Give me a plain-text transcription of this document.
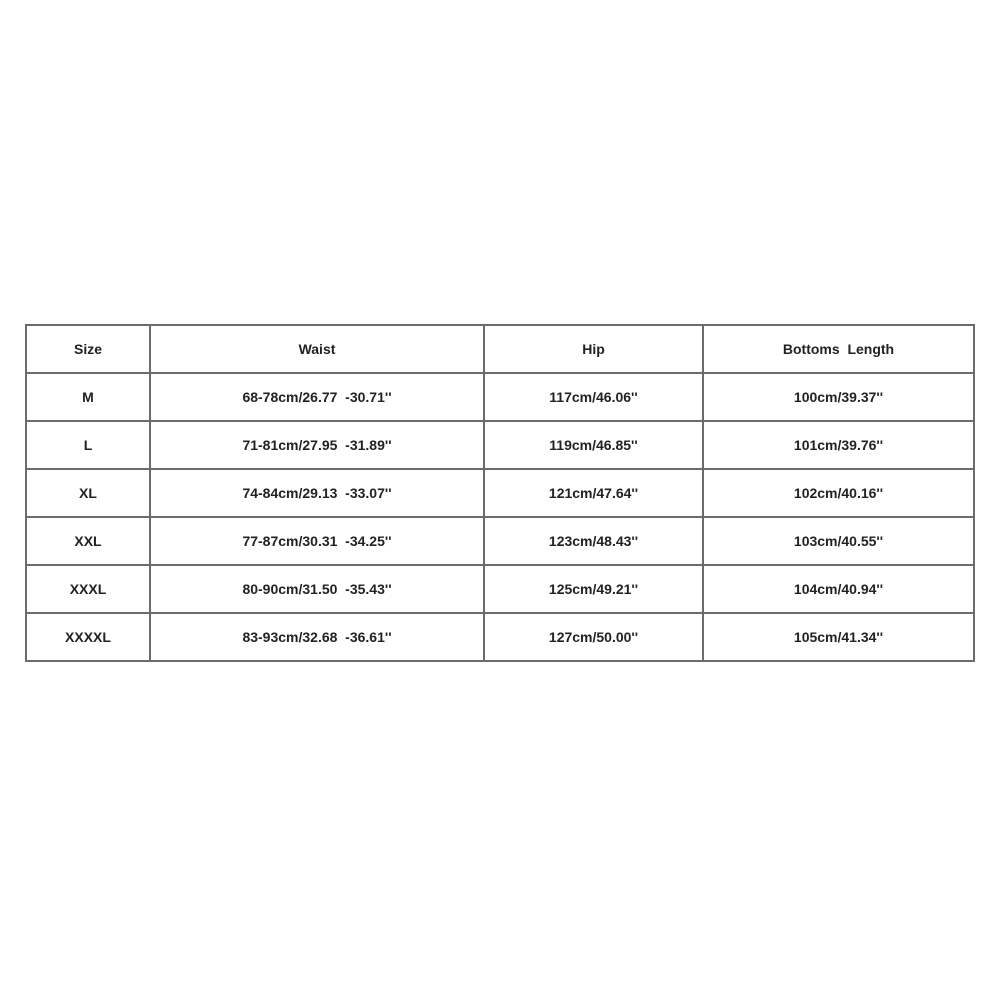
Size	Waist	Hip	Bottoms  Length
M	68-78cm/26.77  -30.71''	117cm/46.06''	100cm/39.37''
L	71-81cm/27.95  -31.89''	119cm/46.85''	101cm/39.76''
XL	74-84cm/29.13  -33.07''	121cm/47.64''	102cm/40.16''
XXL	77-87cm/30.31  -34.25''	123cm/48.43''	103cm/40.55''
XXXL	80-90cm/31.50  -35.43''	125cm/49.21''	104cm/40.94''
XXXXL	83-93cm/32.68  -36.61''	127cm/50.00''	105cm/41.34''
